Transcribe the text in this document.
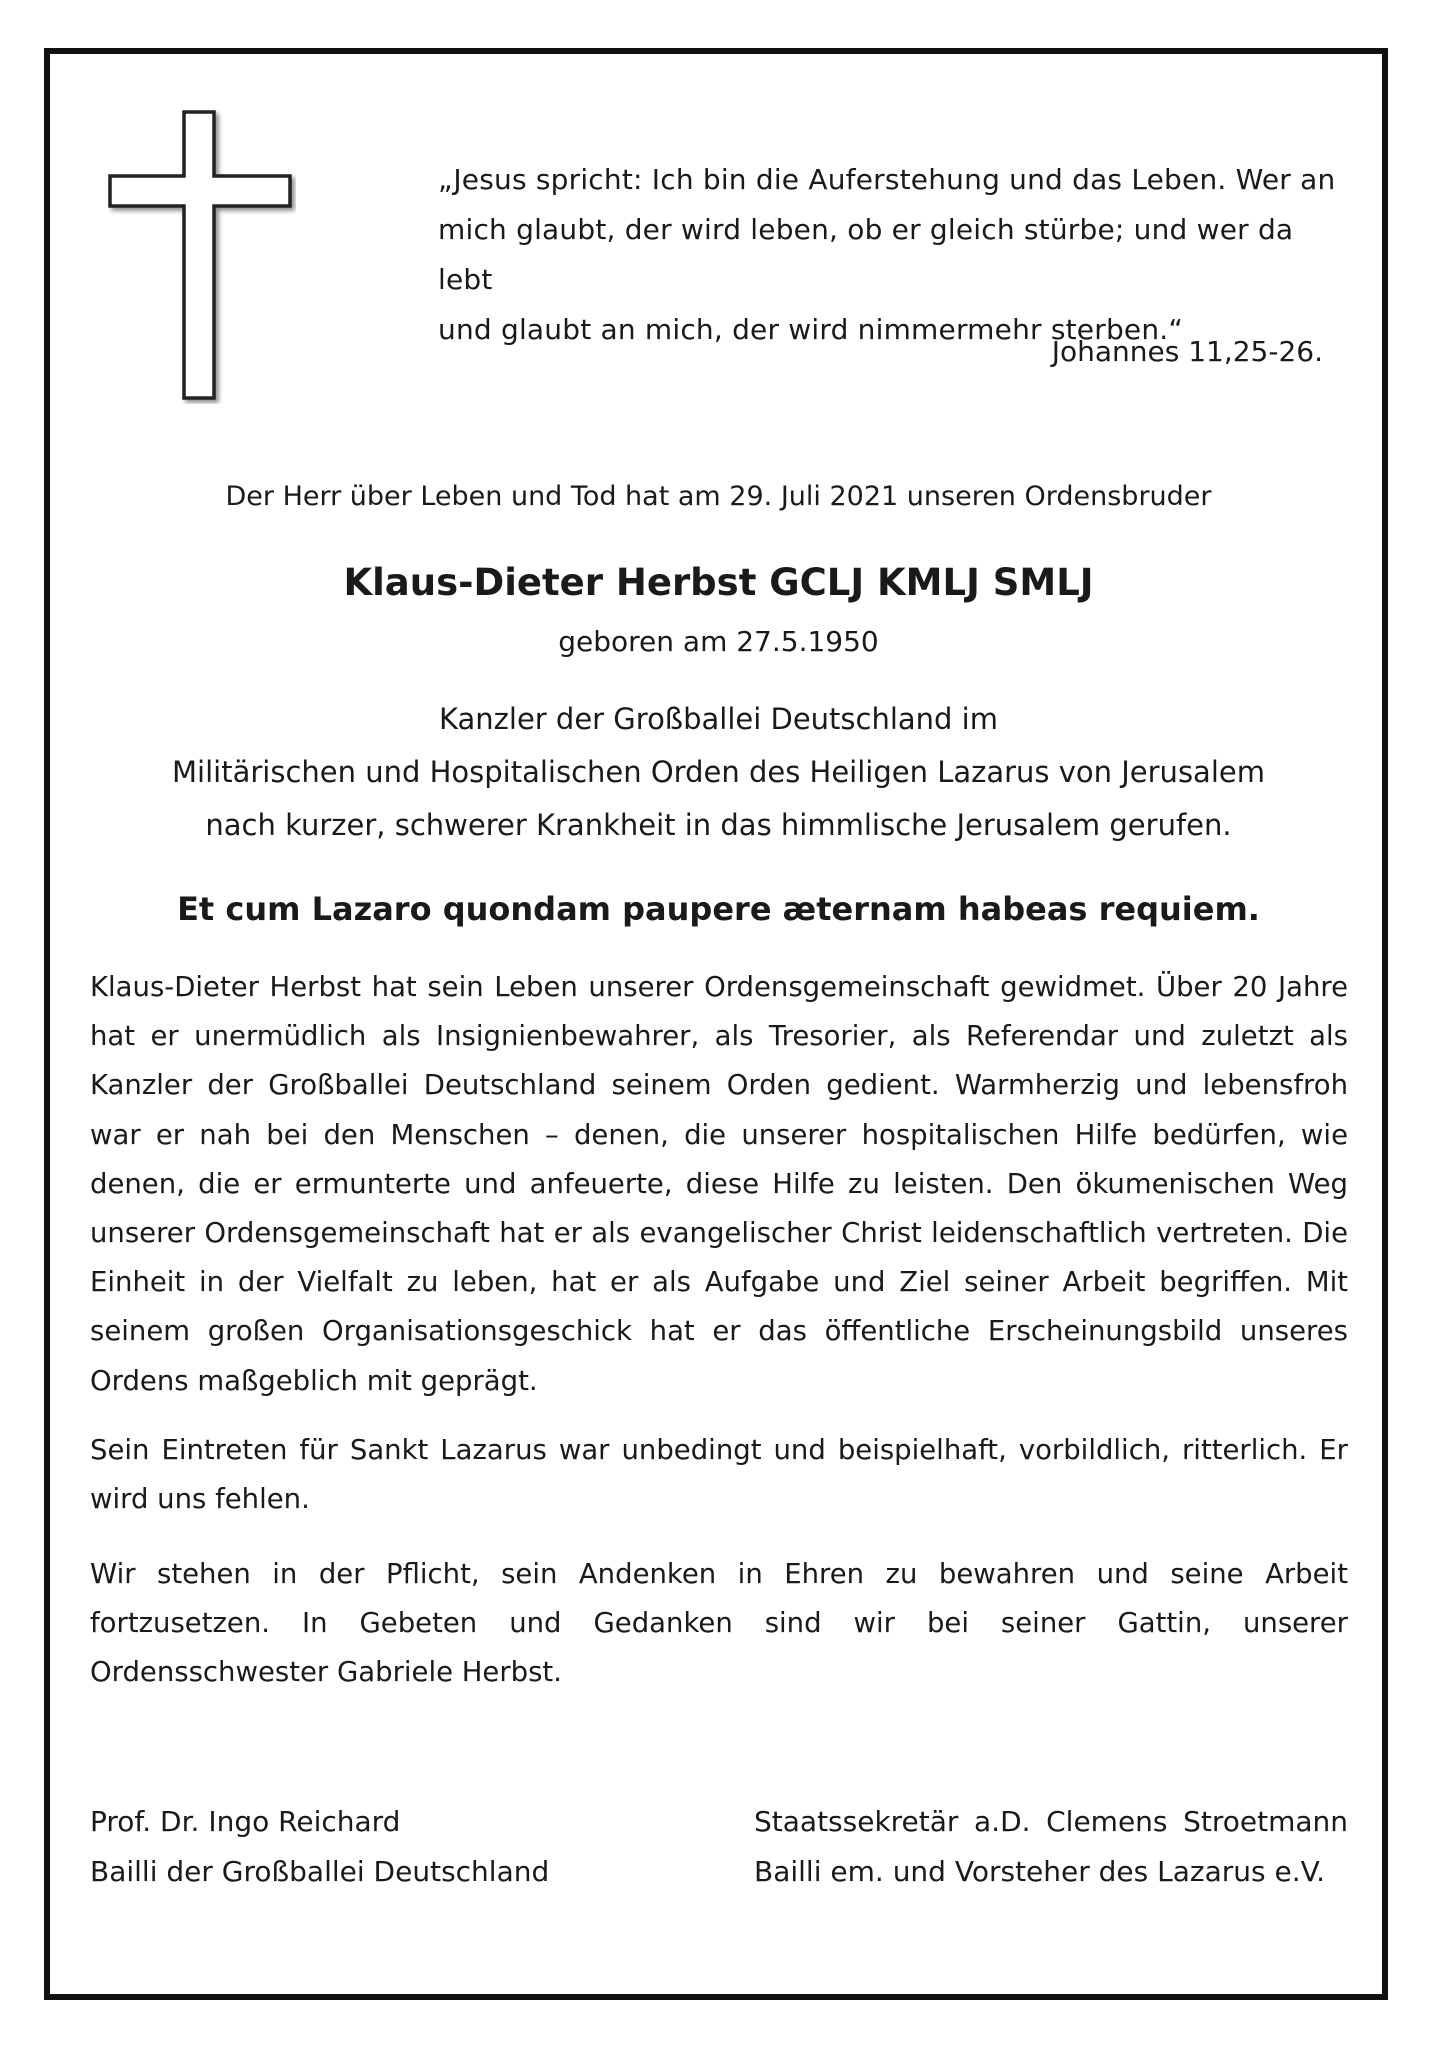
„Jesus spricht: Ich bin die Auferstehung und das Leben. Wer an
mich glaubt, der wird leben, ob er gleich stürbe; und wer da lebt
und glaubt an mich, der wird nimmermehr sterben.“
Johannes 11,25-26.
Der Herr über Leben und Tod hat am 29. Juli 2021 unseren Ordensbruder
Klaus-Dieter Herbst GCLJ KMLJ SMLJ
geboren am 27.5.1950
Kanzler der Großballei Deutschland im
Militärischen und Hospitalischen Orden des Heiligen Lazarus von Jerusalem
nach kurzer, schwerer Krankheit in das himmlische Jerusalem gerufen.
Et cum Lazaro quondam paupere æternam habeas requiem.

Klaus-Dieter Herbst hat sein Leben unserer Ordensgemeinschaft gewidmet. Über 20 Jahre hat er unermüdlich als Insignienbewahrer, als Tresorier, als Referendar und zuletzt als Kanzler der Großballei Deutschland seinem Orden gedient. Warmherzig und lebensfroh war er nah bei den Menschen – denen, die unserer hospitalischen Hilfe bedürfen, wie denen, die er ermunterte und anfeuerte, diese Hilfe zu leisten. Den ökumenischen Weg unserer Ordensgemeinschaft hat er als evangelischer Christ leidenschaftlich vertreten. Die Einheit in der Vielfalt zu leben, hat er als Aufgabe und Ziel seiner Arbeit begriffen. Mit seinem großen Organisationsgeschick hat er das öffentliche Erscheinungsbild unseres Ordens maßgeblich mit geprägt.

Sein Eintreten für Sankt Lazarus war unbedingt und beispielhaft, vorbildlich, ritterlich. Er wird uns fehlen.

Wir stehen in der Pflicht, sein Andenken in Ehren zu bewahren und seine Arbeit fortzusetzen. In Gebeten und Gedanken sind wir bei seiner Gattin, unserer Ordensschwester Gabriele Herbst.

Prof. Dr. Ingo Reichard
Bailli der Großballei Deutschland
Staatssekretär a.D. Clemens Stroetmann
Bailli em. und Vorsteher des Lazarus e.V.
